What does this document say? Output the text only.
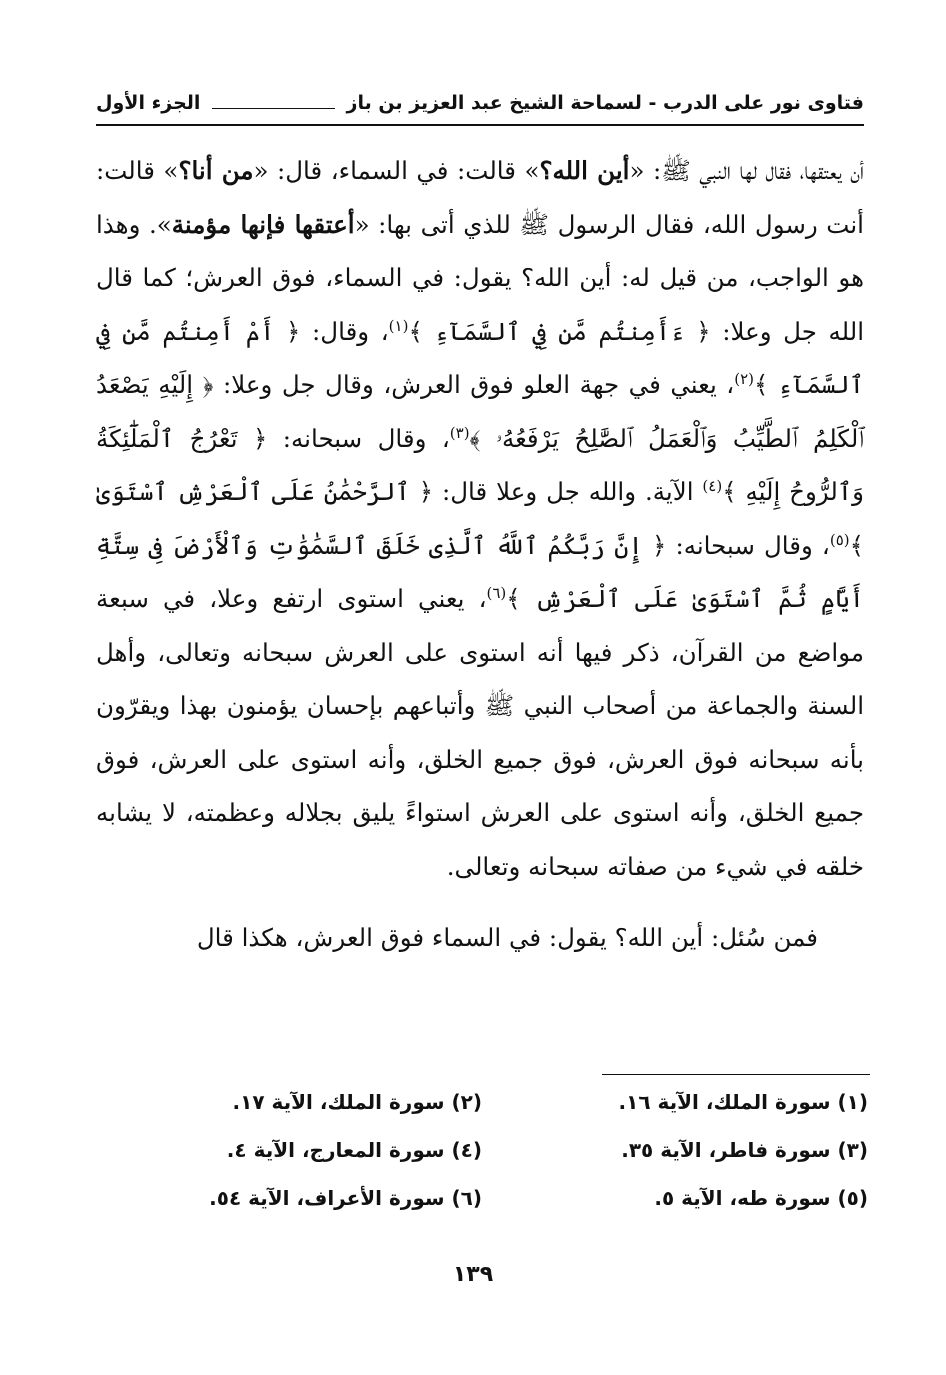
فتاوى نور على الدرب - لسماحة الشيخ عبد العزيز بن باز
الجزء الأول

أن يعتقها، فقال لها النبي ﷺ: «أين الله؟» قالت: في السماء، قال: «من أنا؟» قالت: أنت رسول الله، فقال الرسول ﷺ للذي أتى بها: «أعتقها فإنها مؤمنة». وهذا هو الواجب، من قيل له: أين الله؟ يقول: في السماء، فوق العرش؛ كما قال الله جل وعلا: ﴿ ءَأَمِنتُم مَّن فِي ٱلسَّمَآءِ ﴾$^{(١)}$، وقال: ﴿ أَمْ أَمِنتُم مَّن فِي ٱلسَّمَآءِ ﴾$^{(٢)}$، يعني في جهة العلو فوق العرش، وقال جل وعلا: ﴿ إِلَيْهِ يَصْعَدُ ٱلْكَلِمُ ٱلطَّيِّبُ وَٱلْعَمَلُ ٱلصَّٰلِحُ يَرْفَعُهُۥ ﴾$^{(٣)}$، وقال سبحانه: ﴿ تَعْرُجُ ٱلْمَلَٰٓئِكَةُ وَٱلرُّوحُ إِلَيْهِ ﴾$^{(٤)}$ الآية. والله جل وعلا قال: ﴿ ٱلرَّحْمَٰنُ عَلَى ٱلْعَرْشِ ٱسْتَوَىٰ ﴾$^{(٥)}$، وقال سبحانه: ﴿ إِنَّ رَبَّكُمُ ٱللَّهُ ٱلَّذِى خَلَقَ ٱلسَّمَٰوَٰتِ وَٱلْأَرْضَ فِى سِتَّةِ أَيَّامٍ ثُمَّ ٱسْتَوَىٰ عَلَى ٱلْعَرْشِ ﴾$^{(٦)}$، يعني استوى ارتفع وعلا، في سبعة مواضع من القرآن، ذكر فيها أنه استوى على العرش سبحانه وتعالى، وأهل السنة والجماعة من أصحاب النبي ﷺ وأتباعهم بإحسان يؤمنون بهذا ويقرّون بأنه سبحانه فوق العرش، فوق جميع الخلق، وأنه استوى على العرش، فوق جميع الخلق، وأنه استوى على العرش استواءً يليق بجلاله وعظمته، لا يشابه خلقه في شيء من صفاته سبحانه وتعالى.

فمن سُئل: أين الله؟ يقول: في السماء فوق العرش، هكذا قال

(١) سورة الملك، الآية ١٦.
(٢) سورة الملك، الآية ١٧.
(٣) سورة فاطر، الآية ٣٥.
(٤) سورة المعارج، الآية ٤.
(٥) سورة طه، الآية ٥.
(٦) سورة الأعراف، الآية ٥٤.
١٣٩
